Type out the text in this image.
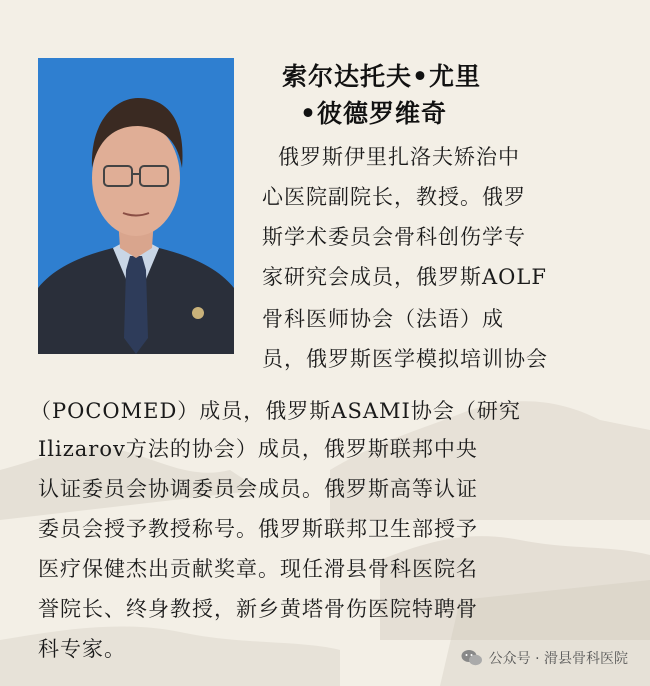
索尔达托夫•尤里
•彼德罗维奇
俄罗斯伊里扎洛夫矫治中
心医院副院长，教授。俄罗
斯学术委员会骨科创伤学专
家研究会成员，俄罗斯AOLF
骨科医师协会（法语）成
员，俄罗斯医学模拟培训协会
（POCOMED）成员，俄罗斯ASAMI协会（研究
Ilizarov方法的协会）成员，俄罗斯联邦中央
认证委员会协调委员会成员。俄罗斯高等认证
委员会授予教授称号。俄罗斯联邦卫生部授予
医疗保健杰出贡献奖章。现任滑县骨科医院名
誉院长、终身教授，新乡黄塔骨伤医院特聘骨
科专家。	公众号 · 滑县骨科医院
